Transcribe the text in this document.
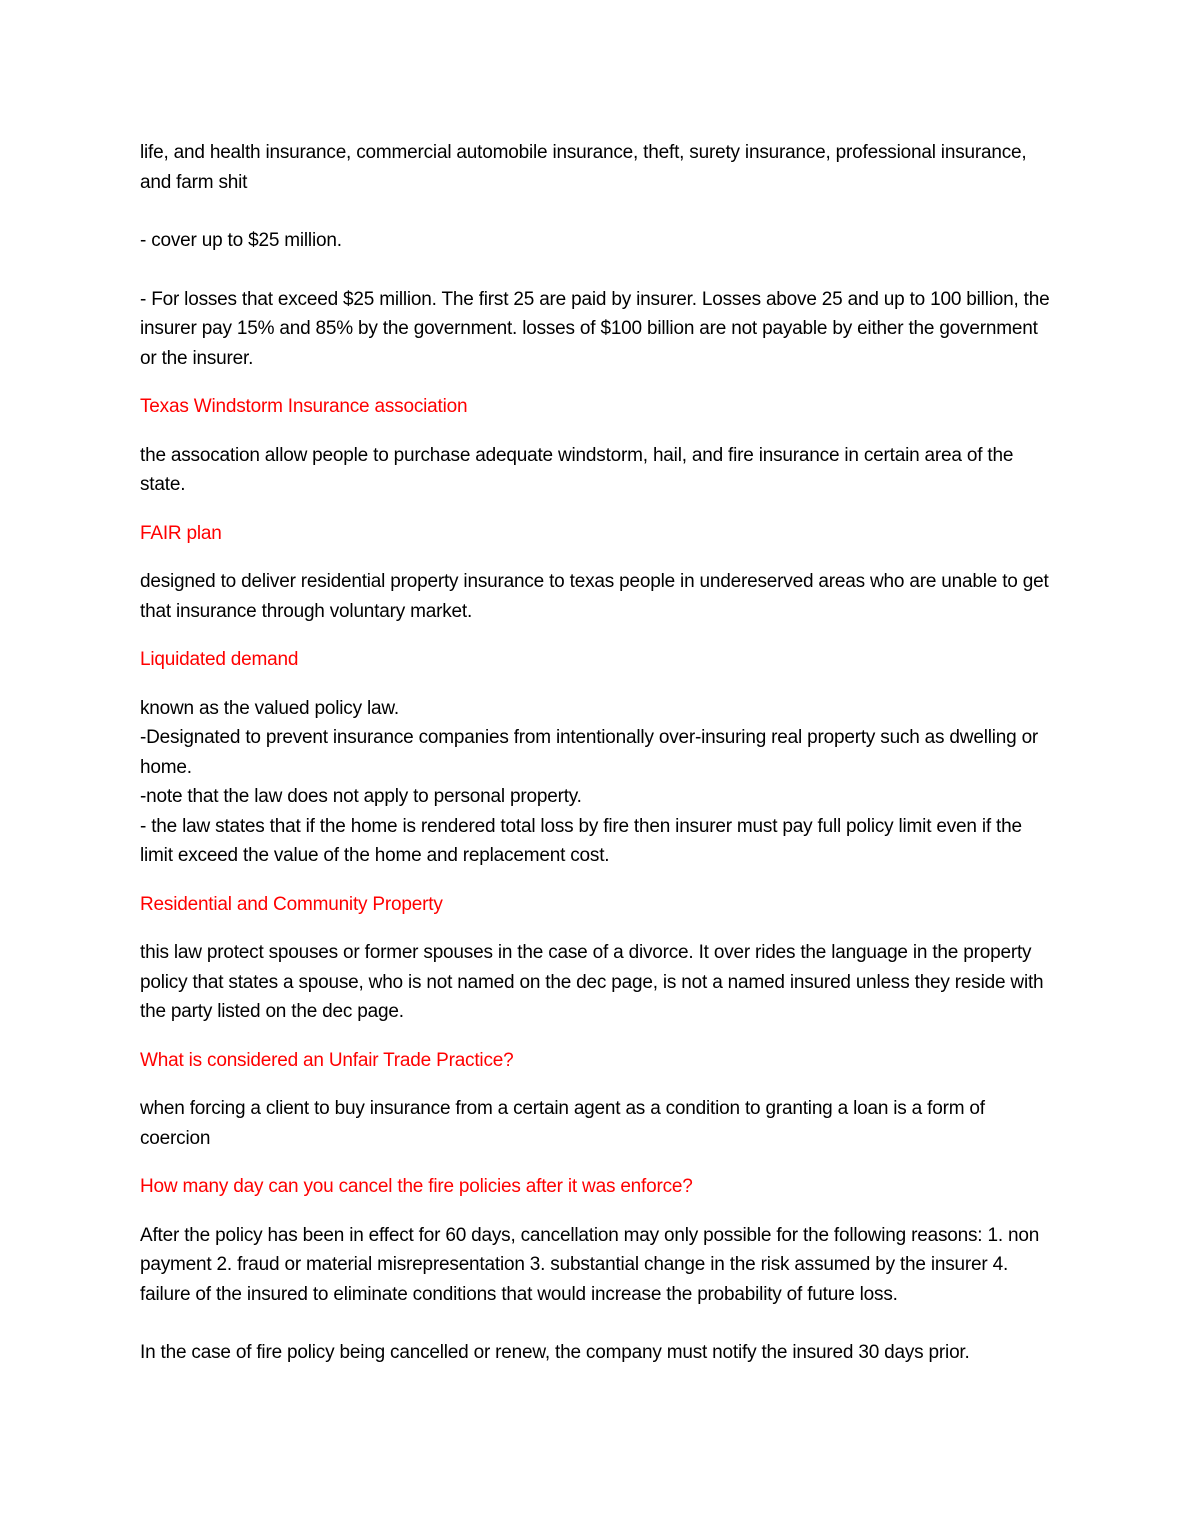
life, and health insurance, commercial automobile insurance, theft, surety insurance, professional insurance, and farm shit

- cover up to $25 million.

- For losses that exceed $25 million. The first 25 are paid by insurer. Losses above 25 and up to 100 billion, the insurer pay 15% and 85% by the government. losses of $100 billion are not payable by either the government or the insurer.

Texas Windstorm Insurance association

the assocation allow people to purchase adequate windstorm, hail, and fire insurance in certain area of the state.

FAIR plan

designed to deliver residential property insurance to texas people in undereserved areas who are unable to get that insurance through voluntary market.

Liquidated demand

known as the valued policy law.
-Designated to prevent insurance companies from intentionally over-insuring real property such as dwelling or home.
-note that the law does not apply to personal property.
- the law states that if the home is rendered total loss by fire then insurer must pay full policy limit even if the limit exceed the value of the home and replacement cost.

Residential and Community Property

this law protect spouses or former spouses in the case of a divorce. It over rides the language in the property policy that states a spouse, who is not named on the dec page, is not a named insured unless they reside with the party listed on the dec page.

What is considered an Unfair Trade Practice?

when forcing a client to buy insurance from a certain agent as a condition to granting a loan is a form of coercion

How many day can you cancel the fire policies after it was enforce?

After the policy has been in effect for 60 days, cancellation may only possible for the following reasons: 1. non payment 2. fraud or material misrepresentation 3. substantial change in the risk assumed by the insurer 4. failure of the insured to eliminate conditions that would increase the probability of future loss.

In the case of fire policy being cancelled or renew, the company must notify the insured 30 days prior.
